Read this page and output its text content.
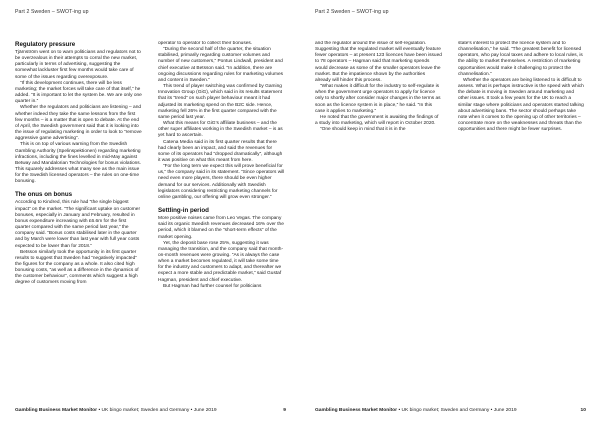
Part 2 Sweden – SWOT-ing up
Regulatory pressure

Tjärnström went on to warn politicians and regulators not to be overzealous in their attempts to corral the new market, particularly in terms of advertising, suggesting the somewhat lackluster first few months would take care of some of the issues regarding overexposure.

“If this development continues, there will be less marketing; the market forces will take care of that itself,” he added. “It is important to let the system be. We are only one quarter in.”

Whether the regulators and politicians are listening – and whether indeed they take the same lessons from the first few months – is a matter that is open to debate. At the end of April, the Swedish government said that it is looking into the issue of regulating marketing in order to look to “remove aggressive game advertising”.

This is on top of various warning from the Swedish Gambling Authority (Spelinspektionen) regarding marketing infractions, including the fines levelled in mid-May against Betway and Mandalorian Technologies for bonus violations. This squarely addresses what many see as the main issue for the Swedish licensed operators – the rules on one-time bonusing.

The onus on bonus

According to Kindred, this rule had “the single biggest impact” on the market. “The significant uptake on customer bonuses, especially in January and February, resulted in bonus expenditure increasing with £6.6m for the first quarter compared with the same period last year,” the company said. “Bonus costs stabilised later in the quarter and by March were lower than last year with full year costs expected to be lower than for 2018.”

Betsson similarly took the opportunity in its first quarter results to suggest that Sweden had “negatively impacted” the figures for the company as a whole. It also cited high bonusing costs, “as well as a difference in the dynamics of the customer behaviour”, comments which suggest a high degree of customers moving from

operator to operator to collect their bonuses.

“During the second half of the quarter, the situation stabilised, primarily regarding customer volumes and number of new customers,” Pontus Lindwall, president and chief executive at Betsson said. “In addition, there are ongoing discussions regarding rules for marketing volumes and content in Sweden.”

This trend of player switching was confirmed by Gaming Innovation Group (GiG), which said in its results statement that its “trend” on such player behaviour meant it had adjusted its marketing spend on the B2C side. Hence, marketing fell 26% in the first quarter compared with the same period last year.

What this means for GiG’s affiliate business – and the other super affiliates working in the Swedish market – is as yet hard to ascertain.

Catena Media said in its first quarter results that there had clearly been an impact, and said the revenues for some of its operators had “dropped dramatically”, although it was positive on what this meant from here.

“For the long term we expect this will prove beneficial for us,” the company said in its statement. “Since operators will need even more players, there should be even higher demand for our services. Additionally with Swedish legislators considering restricting marketing channels for online gambling, our offering will grow even stronger.”

Settling-in period

More positive noises came from Leo Vegas. The company said its organic Swedish revenues decreased 16% over the period, which it blamed on the “short-term effects” of the market opening.

Yet, the deposit base rose 25%, suggesting it was managing the transition, and the company said that month-on-month revenues were growing. “As is always the case when a market becomes regulated, it will take some time for the industry and customers to adapt, and thereafter we expect a more stable and predictable market,” said Gustaf Hagman, president and chief executive.

But Hagman had further counsel for politicians

Gambling Business Market Monitor • UK bingo market; Sweden and Germany • June 2019	9
Part 2 Sweden – SWOT-ing up

and the regulator around the issue of self-regulation. Suggesting that the regulated market will eventually feature fewer operators – at present 123 licences have been issued to 78 operators – Hagman said that marketing spends would decrease as some of the smaller operators leave the market. But the impatience shown by the authorities already will hinder this process.

“What makes it difficult for the industry to self-regulate is when the government urge operators to apply for licence only to shortly after consider major changes in the terms as soon as the licence system is in place,” he said. “In this case it applies to marketing.”

He noted that the government is awaiting the findings of a study into marketing, which will report in October 2020.

“One should keep in mind that it is in the

state’s interest to protect the licence system and to channelisation,” he said. “The greatest benefit for licensed operators, who pay local taxes and adhere to local rules, is the ability to market themselves. A restriction of marketing opportunities would make it challenging to protect the channelisation.”

Whether the operators are being listened to is difficult to assess. What is perhaps instructive is the speed with which the debate is moving in Sweden around marketing and other issues. It took a few years for the UK to reach a similar stage where politicians and operators started talking about advertising bans. The sector should perhaps take note when it comes to the opening up of other territories – concentrate more on the weaknesses and threats than the opportunities and there might be fewer surprises.

Gambling Business Market Monitor • UK bingo market; Sweden and Germany • June 2019	10
